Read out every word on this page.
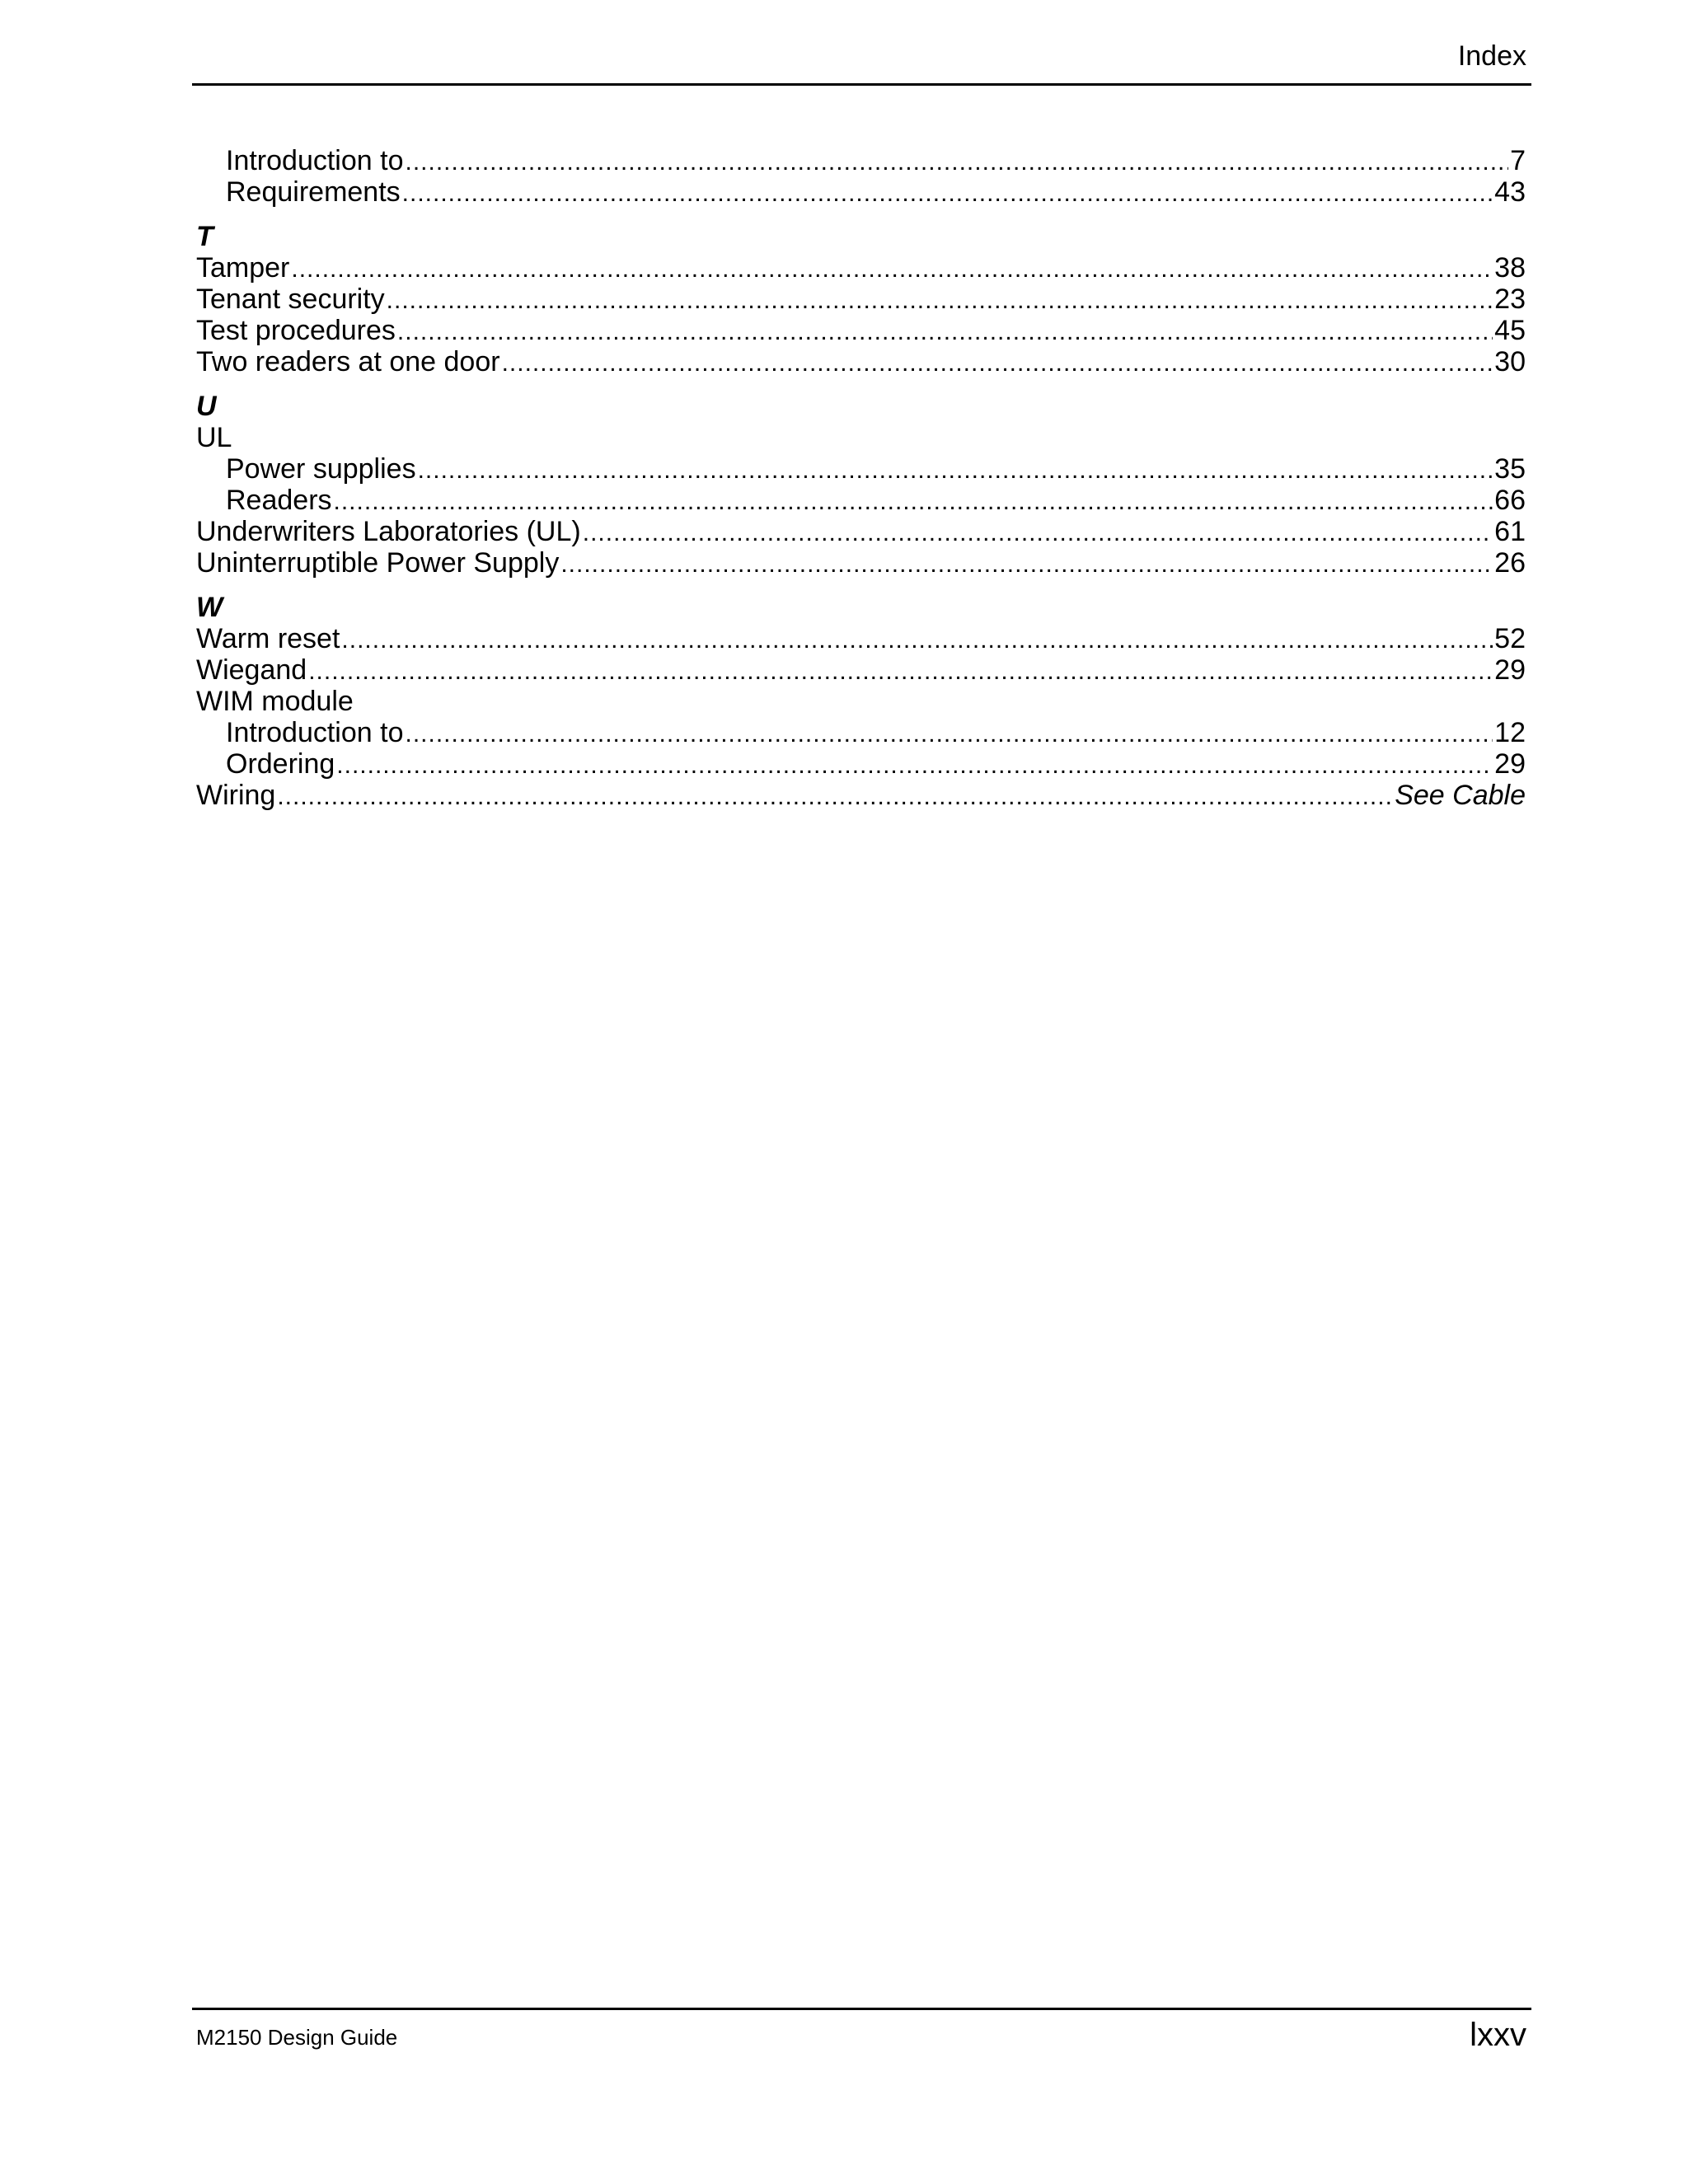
Index
Introduction to .....	7
Requirements .....	43
T
Tamper .....	38
Tenant security .....	23
Test procedures .....	45
Two readers at one door .....	30
U
UL
Power supplies .....	35
Readers .....	66
Underwriters Laboratories (UL) .....	61
Uninterruptible Power Supply .....	26
W
Warm reset .....	52
Wiegand .....	29
WIM module
Introduction to .....	12
Ordering .....	29
Wiring .....	See Cable
M2150 Design Guide	lxxv
